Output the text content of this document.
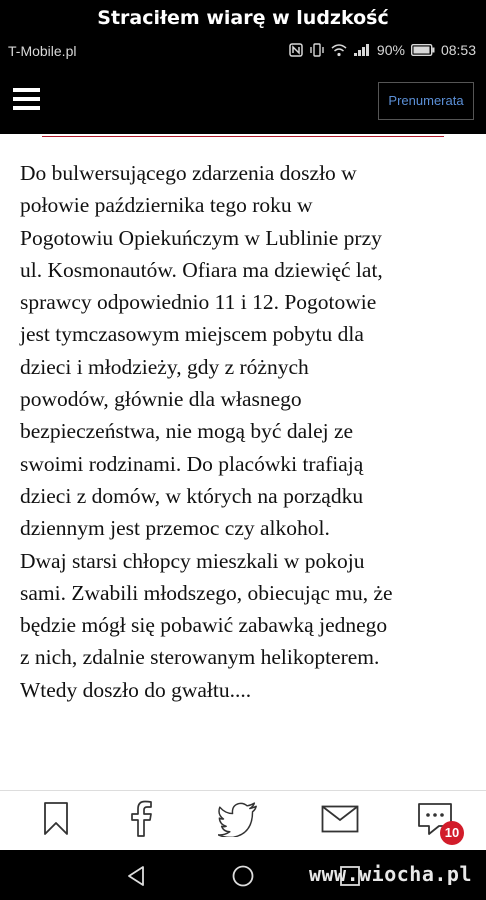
Straciłem wiarę w ludzkość
T-Mobile.pl	90%	08:53
Prenumerata

Do bulwersującego zdarzenia doszło w
połowie października tego roku w
Pogotowiu Opiekuńczym w Lublinie przy
ul. Kosmonautów. Ofiara ma dziewięć lat,
sprawcy odpowiednio 11 i 12. Pogotowie
jest tymczasowym miejscem pobytu dla
dzieci i młodzieży, gdy z różnych
powodów, głównie dla własnego
bezpieczeństwa, nie mogą być dalej ze
swoimi rodzinami. Do placówki trafiają
dzieci z domów, w których na porządku
dziennym jest przemoc czy alkohol.
Dwaj starsi chłopcy mieszkali w pokoju
sami. Zwabili młodszego, obiecując mu, że
będzie mógł się pobawić zabawką jednego
z nich, zdalnie sterowanym helikopterem.
Wtedy doszło do gwałtu....

10
www.wiocha.pl
